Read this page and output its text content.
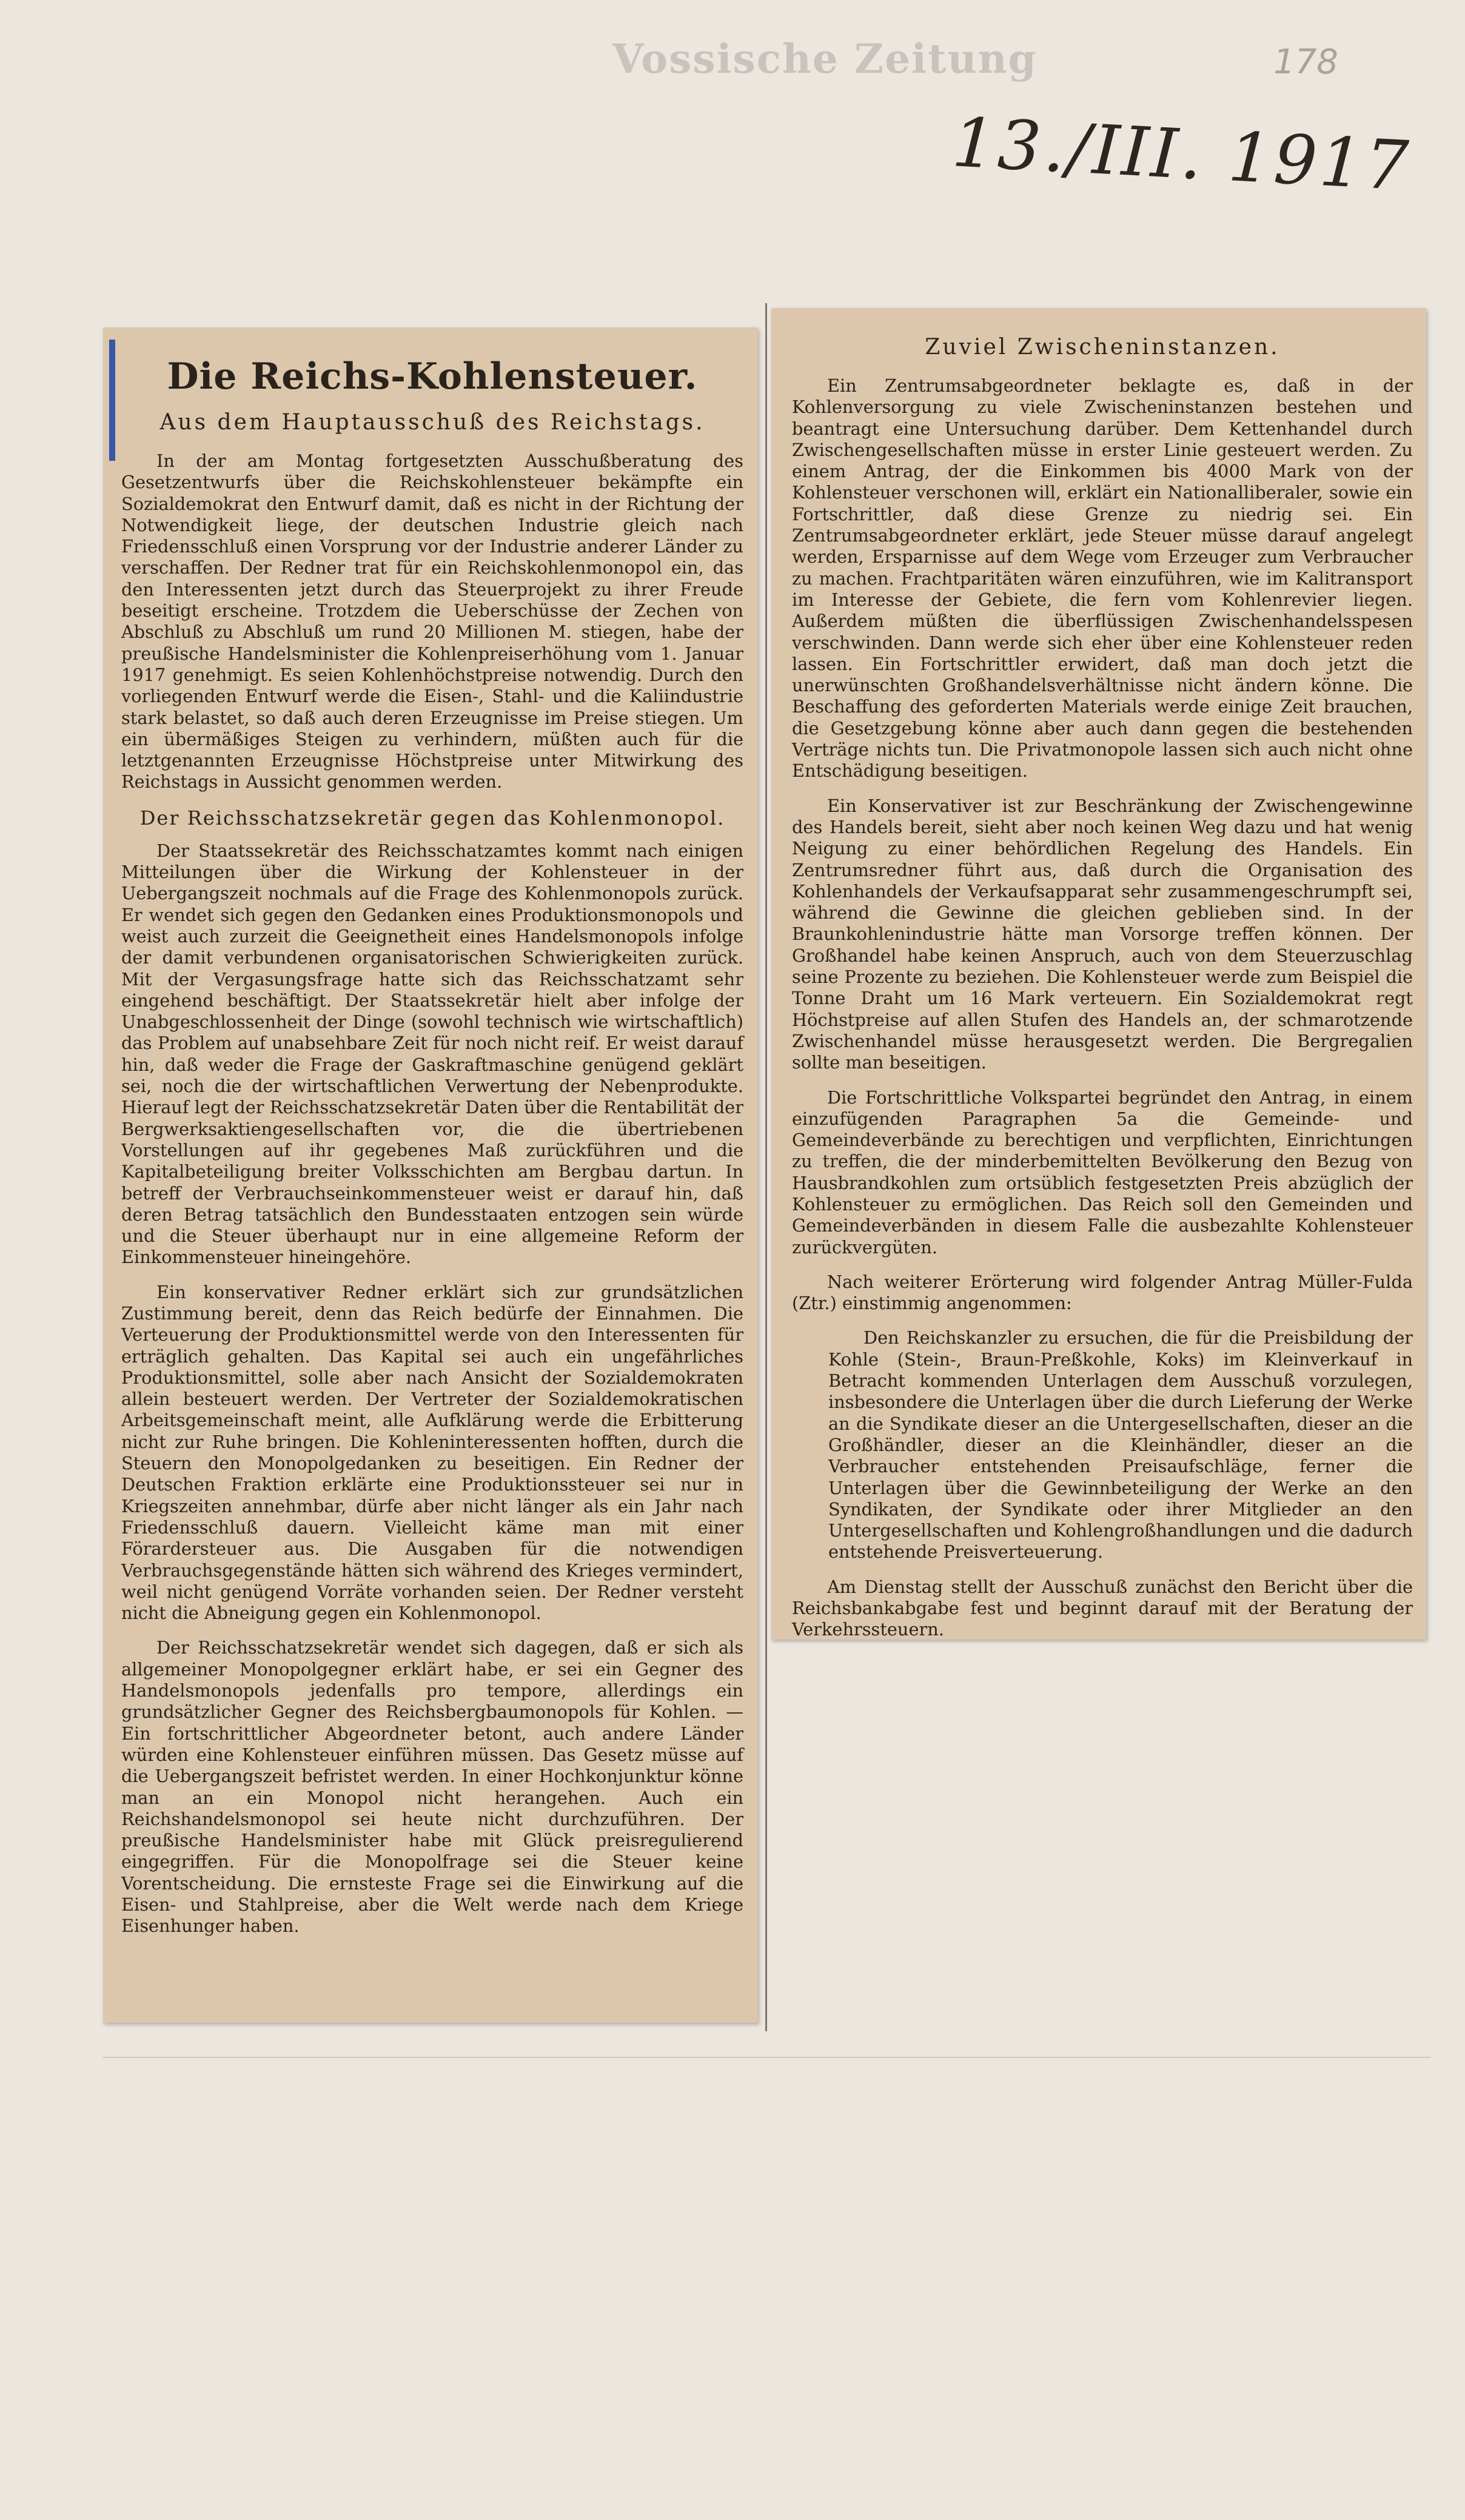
Vossische Zeitung	178
13./III. 1917
Die Reichs-Kohlensteuer.
Aus dem Hauptausschuß des Reichstags.

In der am Montag fortgesetzten Ausschußberatung des Gesetzentwurfs über die Reichskohlensteuer bekämpfte ein Sozialdemokrat den Entwurf damit, daß es nicht in der Richtung der Notwendigkeit liege, der deutschen Industrie gleich nach Friedensschluß einen Vorsprung vor der Industrie anderer Länder zu verschaffen. Der Redner trat für ein Reichskohlenmonopol ein, das den Interessenten jetzt durch das Steuerprojekt zu ihrer Freude beseitigt erscheine. Trotzdem die Ueberschüsse der Zechen von Abschluß zu Abschluß um rund 20 Millionen M. stiegen, habe der preußische Handelsminister die Kohlenpreiserhöhung vom 1. Januar 1917 genehmigt. Es seien Kohlenhöchstpreise notwendig. Durch den vorliegenden Entwurf werde die Eisen-, Stahl- und die Kaliindustrie stark belastet, so daß auch deren Erzeugnisse im Preise stiegen. Um ein übermäßiges Steigen zu verhindern, müßten auch für die letztgenannten Erzeugnisse Höchstpreise unter Mitwirkung des Reichstags in Aussicht genommen werden.

Der Reichsschatzsekretär gegen das Kohlenmonopol.

Der Staatssekretär des Reichsschatzamtes kommt nach einigen Mitteilungen über die Wirkung der Kohlensteuer in der Uebergangszeit nochmals auf die Frage des Kohlenmonopols zurück. Er wendet sich gegen den Gedanken eines Produktionsmonopols und weist auch zurzeit die Geeignetheit eines Handelsmonopols infolge der damit verbundenen organisatorischen Schwierigkeiten zurück. Mit der Vergasungsfrage hatte sich das Reichsschatzamt sehr eingehend beschäftigt. Der Staatssekretär hielt aber infolge der Unabgeschlossenheit der Dinge (sowohl technisch wie wirtschaftlich) das Problem auf unabsehbare Zeit für noch nicht reif. Er weist darauf hin, daß weder die Frage der Gaskraftmaschine genügend geklärt sei, noch die der wirtschaftlichen Verwertung der Nebenprodukte. Hierauf legt der Reichsschatzsekretär Daten über die Rentabilität der Bergwerksaktiengesellschaften vor, die die übertriebenen Vorstellungen auf ihr gegebenes Maß zurückführen und die Kapitalbeteiligung breiter Volksschichten am Bergbau dartun. In betreff der Verbrauchseinkommensteuer weist er darauf hin, daß deren Betrag tatsächlich den Bundesstaaten entzogen sein würde und die Steuer überhaupt nur in eine allgemeine Reform der Einkommensteuer hineingehöre.

Ein konservativer Redner erklärt sich zur grundsätzlichen Zustimmung bereit, denn das Reich bedürfe der Einnahmen. Die Verteuerung der Produktionsmittel werde von den Interessenten für erträglich gehalten. Das Kapital sei auch ein ungefährliches Produktionsmittel, solle aber nach Ansicht der Sozialdemokraten allein besteuert werden. Der Vertreter der Sozialdemokratischen Arbeitsgemeinschaft meint, alle Aufklärung werde die Erbitterung nicht zur Ruhe bringen. Die Kohleninteressenten hofften, durch die Steuern den Monopolgedanken zu beseitigen. Ein Redner der Deutschen Fraktion erklärte eine Produktionssteuer sei nur in Kriegszeiten annehmbar, dürfe aber nicht länger als ein Jahr nach Friedensschluß dauern. Vielleicht käme man mit einer Förardersteuer aus. Die Ausgaben für die notwendigen Verbrauchsgegenstände hätten sich während des Krieges vermindert, weil nicht genügend Vorräte vorhanden seien. Der Redner versteht nicht die Abneigung gegen ein Kohlenmonopol.

Der Reichsschatzsekretär wendet sich dagegen, daß er sich als allgemeiner Monopolgegner erklärt habe, er sei ein Gegner des Handelsmonopols jedenfalls pro tempore, allerdings ein grundsätzlicher Gegner des Reichsbergbaumonopols für Kohlen. — Ein fortschrittlicher Abgeordneter betont, auch andere Länder würden eine Kohlensteuer einführen müssen. Das Gesetz müsse auf die Uebergangszeit befristet werden. In einer Hochkonjunktur könne man an ein Monopol nicht herangehen. Auch ein Reichshandelsmonopol sei heute nicht durchzuführen. Der preußische Handelsminister habe mit Glück preisregulierend eingegriffen. Für die Monopolfrage sei die Steuer keine Vorentscheidung. Die ernsteste Frage sei die Einwirkung auf die Eisen- und Stahlpreise, aber die Welt werde nach dem Kriege Eisenhunger haben.

Zuviel Zwischeninstanzen.

Ein Zentrumsabgeordneter beklagte es, daß in der Kohlenversorgung zu viele Zwischeninstanzen bestehen und beantragt eine Untersuchung darüber. Dem Kettenhandel durch Zwischengesellschaften müsse in erster Linie gesteuert werden. Zu einem Antrag, der die Einkommen bis 4000 Mark von der Kohlensteuer verschonen will, erklärt ein Nationalliberaler, sowie ein Fortschrittler, daß diese Grenze zu niedrig sei. Ein Zentrumsabgeordneter erklärt, jede Steuer müsse darauf angelegt werden, Ersparnisse auf dem Wege vom Erzeuger zum Verbraucher zu machen. Frachtparitäten wären einzuführen, wie im Kalitransport im Interesse der Gebiete, die fern vom Kohlenrevier liegen. Außerdem müßten die überflüssigen Zwischenhandelsspesen verschwinden. Dann werde sich eher über eine Kohlensteuer reden lassen. Ein Fortschrittler erwidert, daß man doch jetzt die unerwünschten Großhandelsverhältnisse nicht ändern könne. Die Beschaffung des geforderten Materials werde einige Zeit brauchen, die Gesetzgebung könne aber auch dann gegen die bestehenden Verträge nichts tun. Die Privatmonopole lassen sich auch nicht ohne Entschädigung beseitigen.

Ein Konservativer ist zur Beschränkung der Zwischengewinne des Handels bereit, sieht aber noch keinen Weg dazu und hat wenig Neigung zu einer behördlichen Regelung des Handels. Ein Zentrumsredner führt aus, daß durch die Organisation des Kohlenhandels der Verkaufsapparat sehr zusammengeschrumpft sei, während die Gewinne die gleichen geblieben sind. In der Braunkohlenindustrie hätte man Vorsorge treffen können. Der Großhandel habe keinen Anspruch, auch von dem Steuerzuschlag seine Prozente zu beziehen. Die Kohlensteuer werde zum Beispiel die Tonne Draht um 16 Mark verteuern. Ein Sozialdemokrat regt Höchstpreise auf allen Stufen des Handels an, der schmarotzende Zwischenhandel müsse herausgesetzt werden. Die Bergregalien sollte man beseitigen.

Die Fortschrittliche Volkspartei begründet den Antrag, in einem einzufügenden Paragraphen 5a die Gemeinde- und Gemeindeverbände zu berechtigen und verpflichten, Einrichtungen zu treffen, die der minderbemittelten Bevölkerung den Bezug von Hausbrandkohlen zum ortsüblich festgesetzten Preis abzüglich der Kohlensteuer zu ermöglichen. Das Reich soll den Gemeinden und Gemeindeverbänden in diesem Falle die ausbezahlte Kohlensteuer zurückvergüten.

Nach weiterer Erörterung wird folgender Antrag Müller-Fulda (Ztr.) einstimmig angenommen:

Den Reichskanzler zu ersuchen, die für die Preisbildung der Kohle (Stein-, Braun-Preßkohle, Koks) im Kleinverkauf in Betracht kommenden Unterlagen dem Ausschuß vorzulegen, insbesondere die Unterlagen über die durch Lieferung der Werke an die Syndikate dieser an die Untergesellschaften, dieser an die Großhändler, dieser an die Kleinhändler, dieser an die Verbraucher entstehenden Preisaufschläge, ferner die Unterlagen über die Gewinnbeteiligung der Werke an den Syndikaten, der Syndikate oder ihrer Mitglieder an den Untergesellschaften und Kohlengroßhandlungen und die dadurch entstehende Preisverteuerung.

Am Dienstag stellt der Ausschuß zunächst den Bericht über die Reichsbankabgabe fest und beginnt darauf mit der Beratung der Verkehrssteuern.
